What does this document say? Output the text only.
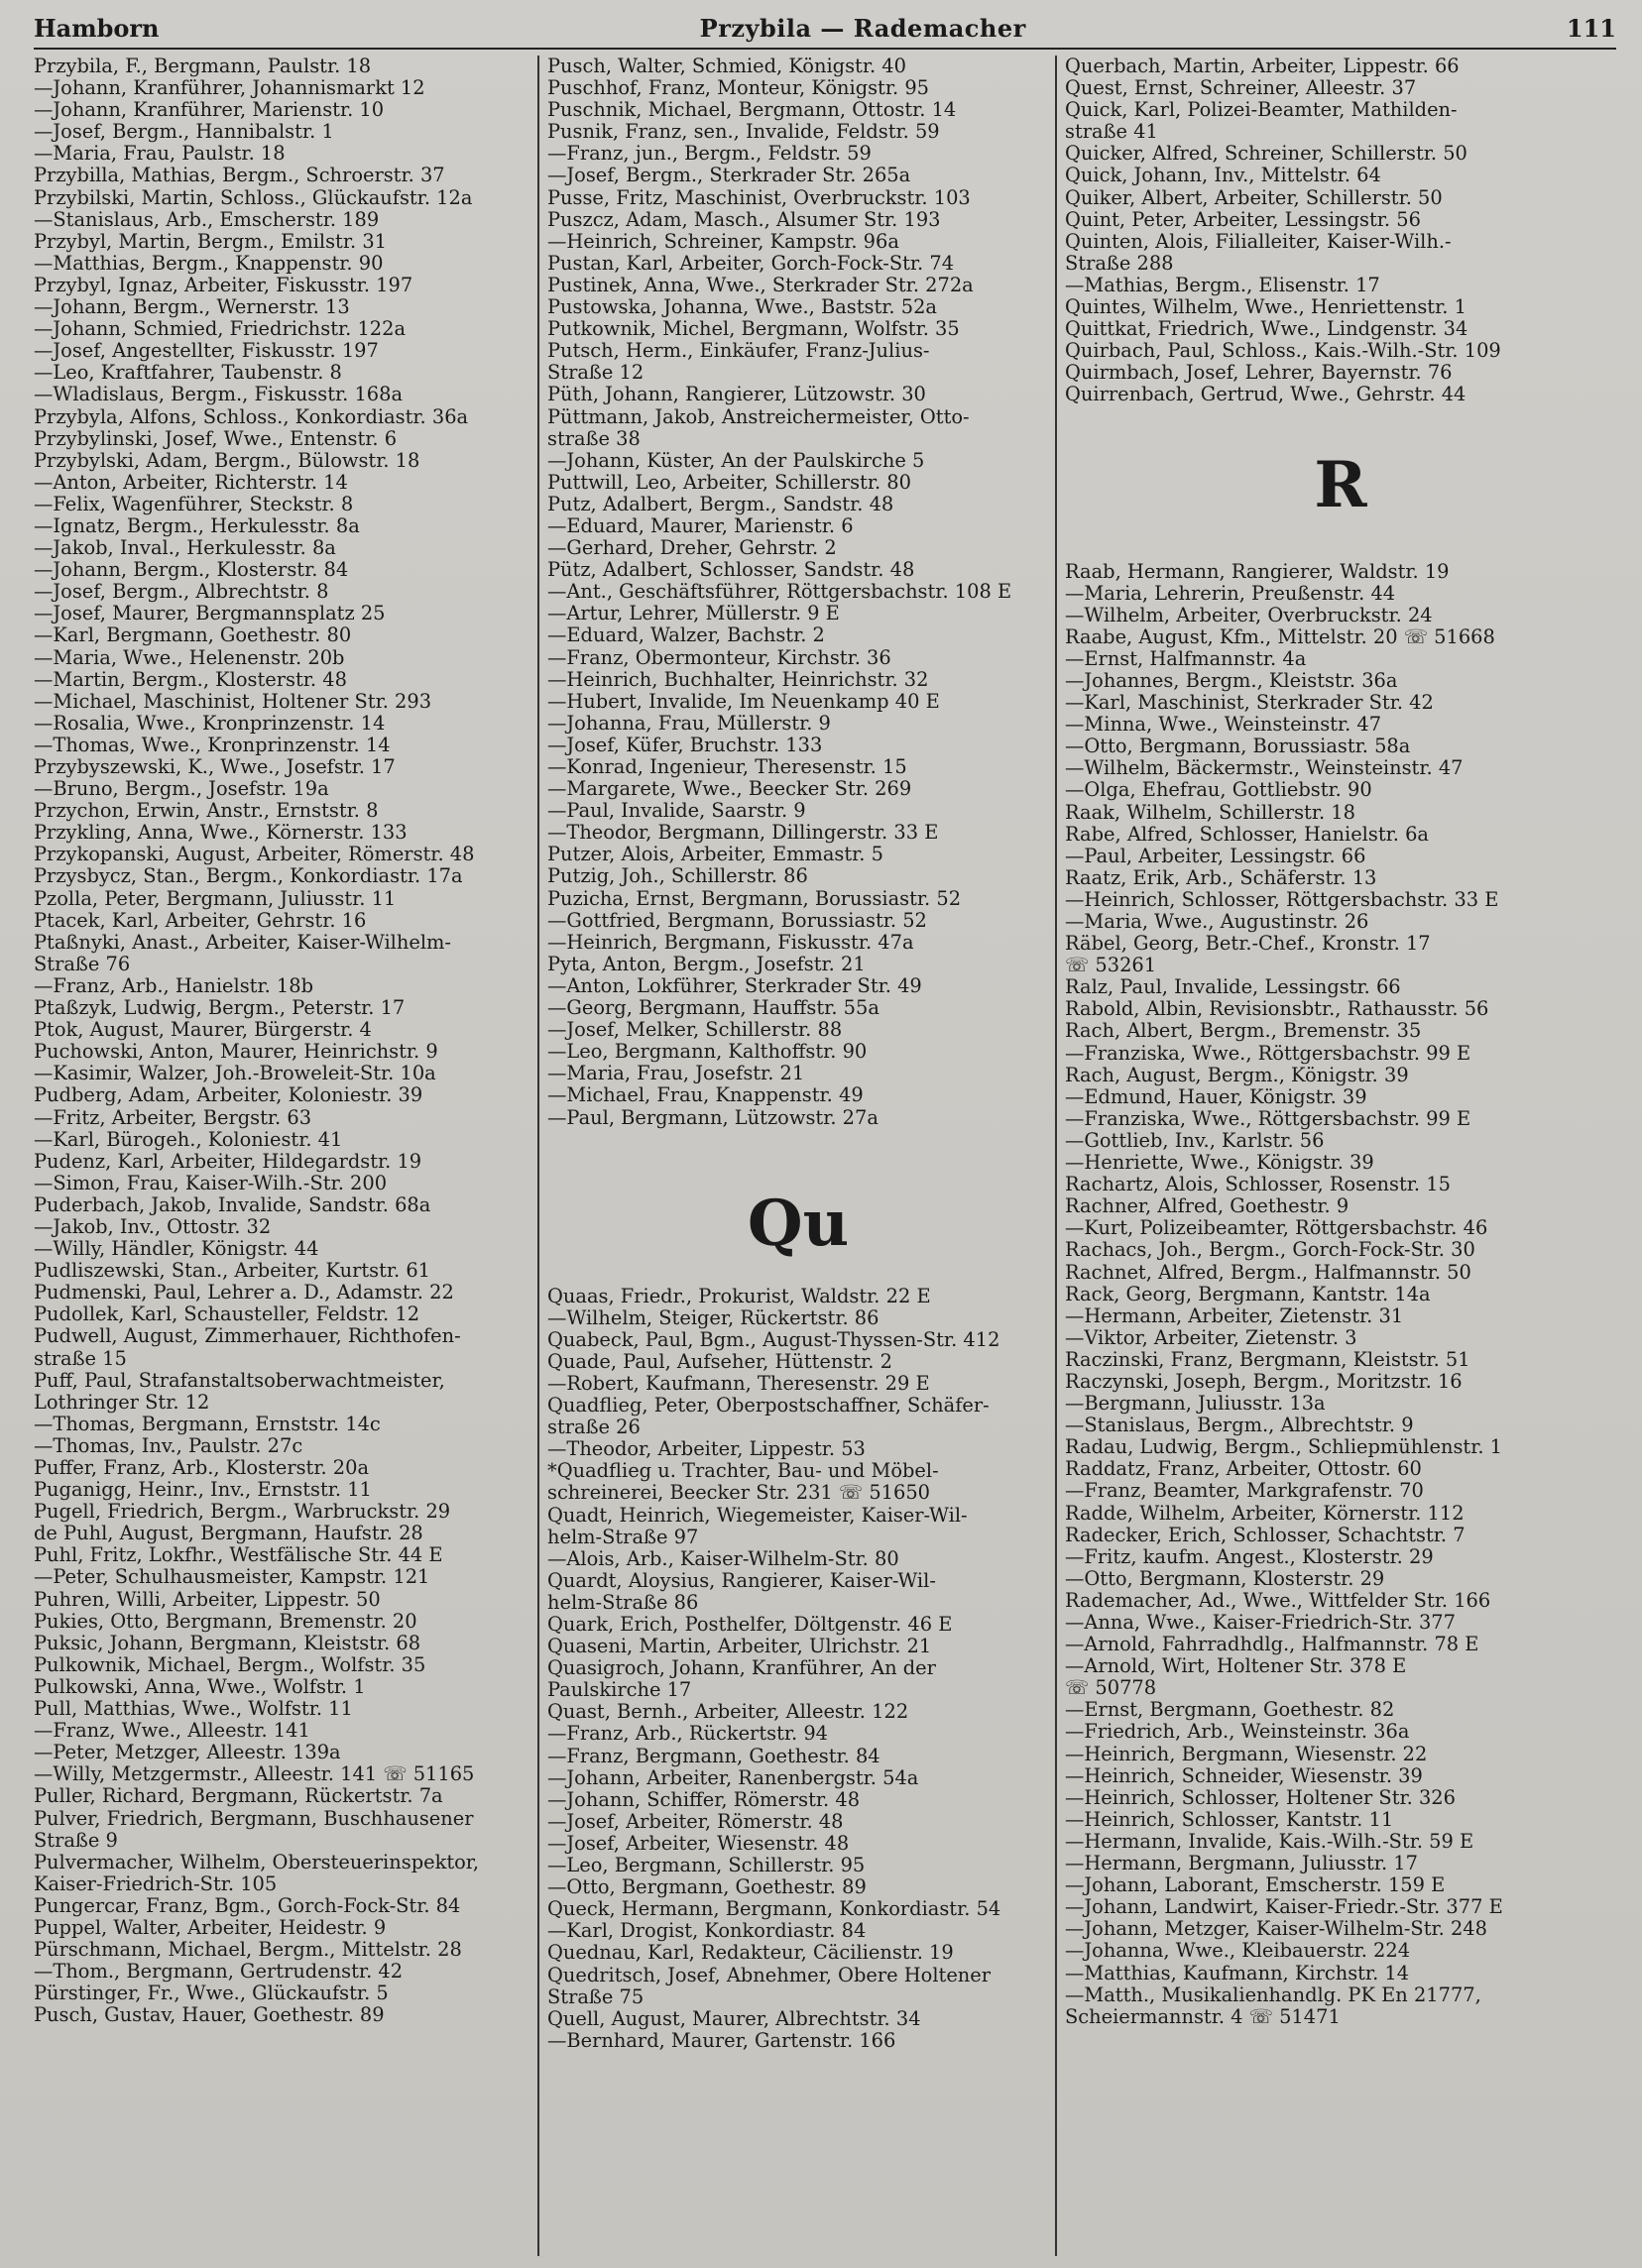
Hamborn	Przybila — Rademacher	111
Przybila, F., Bergmann, Paulstr. 18
—Johann, Kranführer, Johannismarkt 12
—Johann, Kranführer, Marienstr. 10
—Josef, Bergm., Hannibalstr. 1
—Maria, Frau, Paulstr. 18
Przybilla, Mathias, Bergm., Schroerstr. 37
Przybilski, Martin, Schloss., Glückaufstr. 12a
—Stanislaus, Arb., Emscherstr. 189
Przybyl, Martin, Bergm., Emilstr. 31
—Matthias, Bergm., Knappenstr. 90
Przybyl, Ignaz, Arbeiter, Fiskusstr. 197
—Johann, Bergm., Wernerstr. 13
—Johann, Schmied, Friedrichstr. 122a
—Josef, Angestellter, Fiskusstr. 197
—Leo, Kraftfahrer, Taubenstr. 8
—Wladislaus, Bergm., Fiskusstr. 168a
Przybyla, Alfons, Schloss., Konkordiastr. 36a
Przybylinski, Josef, Wwe., Entenstr. 6
Przybylski, Adam, Bergm., Bülowstr. 18
—Anton, Arbeiter, Richterstr. 14
—Felix, Wagenführer, Steckstr. 8
—Ignatz, Bergm., Herkulesstr. 8a
—Jakob, Inval., Herkulesstr. 8a
—Johann, Bergm., Klosterstr. 84
—Josef, Bergm., Albrechtstr. 8
—Josef, Maurer, Bergmannsplatz 25
—Karl, Bergmann, Goethestr. 80
—Maria, Wwe., Helenenstr. 20b
—Martin, Bergm., Klosterstr. 48
—Michael, Maschinist, Holtener Str. 293
—Rosalia, Wwe., Kronprinzenstr. 14
—Thomas, Wwe., Kronprinzenstr. 14
Przybyszewski, K., Wwe., Josefstr. 17
—Bruno, Bergm., Josefstr. 19a
Przychon, Erwin, Anstr., Ernststr. 8
Przykling, Anna, Wwe., Körnerstr. 133
Przykopanski, August, Arbeiter, Römerstr. 48
Przysbycz, Stan., Bergm., Konkordiastr. 17a
Pzolla, Peter, Bergmann, Juliusstr. 11
Ptacek, Karl, Arbeiter, Gehrstr. 16
Ptaßnyki, Anast., Arbeiter, Kaiser-Wilhelm-
Straße 76
—Franz, Arb., Hanielstr. 18b
Ptaßzyk, Ludwig, Bergm., Peterstr. 17
Ptok, August, Maurer, Bürgerstr. 4
Puchowski, Anton, Maurer, Heinrichstr. 9
—Kasimir, Walzer, Joh.-Broweleit-Str. 10a
Pudberg, Adam, Arbeiter, Koloniestr. 39
—Fritz, Arbeiter, Bergstr. 63
—Karl, Bürogeh., Koloniestr. 41
Pudenz, Karl, Arbeiter, Hildegardstr. 19
—Simon, Frau, Kaiser-Wilh.-Str. 200
Puderbach, Jakob, Invalide, Sandstr. 68a
—Jakob, Inv., Ottostr. 32
—Willy, Händler, Königstr. 44
Pudliszewski, Stan., Arbeiter, Kurtstr. 61
Pudmenski, Paul, Lehrer a. D., Adamstr. 22
Pudollek, Karl, Schausteller, Feldstr. 12
Pudwell, August, Zimmerhauer, Richthofen-
straße 15
Puff, Paul, Strafanstaltsoberwachtmeister,
Lothringer Str. 12
—Thomas, Bergmann, Ernststr. 14c
—Thomas, Inv., Paulstr. 27c
Puffer, Franz, Arb., Klosterstr. 20a
Puganigg, Heinr., Inv., Ernststr. 11
Pugell, Friedrich, Bergm., Warbruckstr. 29
de Puhl, August, Bergmann, Haufstr. 28
Puhl, Fritz, Lokfhr., Westfälische Str. 44 E
—Peter, Schulhausmeister, Kampstr. 121
Puhren, Willi, Arbeiter, Lippestr. 50
Pukies, Otto, Bergmann, Bremenstr. 20
Puksic, Johann, Bergmann, Kleiststr. 68
Pulkownik, Michael, Bergm., Wolfstr. 35
Pulkowski, Anna, Wwe., Wolfstr. 1
Pull, Matthias, Wwe., Wolfstr. 11
—Franz, Wwe., Alleestr. 141
—Peter, Metzger, Alleestr. 139a
—Willy, Metzgermstr., Alleestr. 141 ☏ 51165
Puller, Richard, Bergmann, Rückertstr. 7a
Pulver, Friedrich, Bergmann, Buschhausener
Straße 9
Pulvermacher, Wilhelm, Obersteuerinspektor,
Kaiser-Friedrich-Str. 105
Pungercar, Franz, Bgm., Gorch-Fock-Str. 84
Puppel, Walter, Arbeiter, Heidestr. 9
Pürschmann, Michael, Bergm., Mittelstr. 28
—Thom., Bergmann, Gertrudenstr. 42
Pürstinger, Fr., Wwe., Glückaufstr. 5
Pusch, Gustav, Hauer, Goethestr. 89
Pusch, Walter, Schmied, Königstr. 40
Puschhof, Franz, Monteur, Königstr. 95
Puschnik, Michael, Bergmann, Ottostr. 14
Pusnik, Franz, sen., Invalide, Feldstr. 59
—Franz, jun., Bergm., Feldstr. 59
—Josef, Bergm., Sterkrader Str. 265a
Pusse, Fritz, Maschinist, Overbruckstr. 103
Puszcz, Adam, Masch., Alsumer Str. 193
—Heinrich, Schreiner, Kampstr. 96a
Pustan, Karl, Arbeiter, Gorch-Fock-Str. 74
Pustinek, Anna, Wwe., Sterkrader Str. 272a
Pustowska, Johanna, Wwe., Baststr. 52a
Putkownik, Michel, Bergmann, Wolfstr. 35
Putsch, Herm., Einkäufer, Franz-Julius-
Straße 12
Püth, Johann, Rangierer, Lützowstr. 30
Püttmann, Jakob, Anstreichermeister, Otto-
straße 38
—Johann, Küster, An der Paulskirche 5
Puttwill, Leo, Arbeiter, Schillerstr. 80
Putz, Adalbert, Bergm., Sandstr. 48
—Eduard, Maurer, Marienstr. 6
—Gerhard, Dreher, Gehrstr. 2
Pütz, Adalbert, Schlosser, Sandstr. 48
—Ant., Geschäftsführer, Röttgersbachstr. 108 E
—Artur, Lehrer, Müllerstr. 9 E
—Eduard, Walzer, Bachstr. 2
—Franz, Obermonteur, Kirchstr. 36
—Heinrich, Buchhalter, Heinrichstr. 32
—Hubert, Invalide, Im Neuenkamp 40 E
—Johanna, Frau, Müllerstr. 9
—Josef, Küfer, Bruchstr. 133
—Konrad, Ingenieur, Theresenstr. 15
—Margarete, Wwe., Beecker Str. 269
—Paul, Invalide, Saarstr. 9
—Theodor, Bergmann, Dillingerstr. 33 E
Putzer, Alois, Arbeiter, Emmastr. 5
Putzig, Joh., Schillerstr. 86
Puzicha, Ernst, Bergmann, Borussiastr. 52
—Gottfried, Bergmann, Borussiastr. 52
—Heinrich, Bergmann, Fiskusstr. 47a
Pyta, Anton, Bergm., Josefstr. 21
—Anton, Lokführer, Sterkrader Str. 49
—Georg, Bergmann, Hauffstr. 55a
—Josef, Melker, Schillerstr. 88
—Leo, Bergmann, Kalthoffstr. 90
—Maria, Frau, Josefstr. 21
—Michael, Frau, Knappenstr. 49
—Paul, Bergmann, Lützowstr. 27a
Qu
Quaas, Friedr., Prokurist, Waldstr. 22 E
—Wilhelm, Steiger, Rückertstr. 86
Quabeck, Paul, Bgm., August-Thyssen-Str. 412
Quade, Paul, Aufseher, Hüttenstr. 2
—Robert, Kaufmann, Theresenstr. 29 E
Quadflieg, Peter, Oberpostschaffner, Schäfer-
straße 26
—Theodor, Arbeiter, Lippestr. 53
*Quadflieg u. Trachter, Bau- und Möbel-
schreinerei, Beecker Str. 231 ☏ 51650
Quadt, Heinrich, Wiegemeister, Kaiser-Wil-
helm-Straße 97
—Alois, Arb., Kaiser-Wilhelm-Str. 80
Quardt, Aloysius, Rangierer, Kaiser-Wil-
helm-Straße 86
Quark, Erich, Posthelfer, Döltgenstr. 46 E
Quaseni, Martin, Arbeiter, Ulrichstr. 21
Quasigroch, Johann, Kranführer, An der
Paulskirche 17
Quast, Bernh., Arbeiter, Alleestr. 122
—Franz, Arb., Rückertstr. 94
—Franz, Bergmann, Goethestr. 84
—Johann, Arbeiter, Ranenbergstr. 54a
—Johann, Schiffer, Römerstr. 48
—Josef, Arbeiter, Römerstr. 48
—Josef, Arbeiter, Wiesenstr. 48
—Leo, Bergmann, Schillerstr. 95
—Otto, Bergmann, Goethestr. 89
Queck, Hermann, Bergmann, Konkordiastr. 54
—Karl, Drogist, Konkordiastr. 84
Quednau, Karl, Redakteur, Cäcilienstr. 19
Quedritsch, Josef, Abnehmer, Obere Holtener
Straße 75
Quell, August, Maurer, Albrechtstr. 34
—Bernhard, Maurer, Gartenstr. 166
Querbach, Martin, Arbeiter, Lippestr. 66
Quest, Ernst, Schreiner, Alleestr. 37
Quick, Karl, Polizei-Beamter, Mathilden-
straße 41
Quicker, Alfred, Schreiner, Schillerstr. 50
Quick, Johann, Inv., Mittelstr. 64
Quiker, Albert, Arbeiter, Schillerstr. 50
Quint, Peter, Arbeiter, Lessingstr. 56
Quinten, Alois, Filialleiter, Kaiser-Wilh.-
Straße 288
—Mathias, Bergm., Elisenstr. 17
Quintes, Wilhelm, Wwe., Henriettenstr. 1
Quittkat, Friedrich, Wwe., Lindgenstr. 34
Quirbach, Paul, Schloss., Kais.-Wilh.-Str. 109
Quirmbach, Josef, Lehrer, Bayernstr. 76
Quirrenbach, Gertrud, Wwe., Gehrstr. 44
R
Raab, Hermann, Rangierer, Waldstr. 19
—Maria, Lehrerin, Preußenstr. 44
—Wilhelm, Arbeiter, Overbruckstr. 24
Raabe, August, Kfm., Mittelstr. 20 ☏ 51668
—Ernst, Halfmannstr. 4a
—Johannes, Bergm., Kleiststr. 36a
—Karl, Maschinist, Sterkrader Str. 42
—Minna, Wwe., Weinsteinstr. 47
—Otto, Bergmann, Borussiastr. 58a
—Wilhelm, Bäckermstr., Weinsteinstr. 47
—Olga, Ehefrau, Gottliebstr. 90
Raak, Wilhelm, Schillerstr. 18
Rabe, Alfred, Schlosser, Hanielstr. 6a
—Paul, Arbeiter, Lessingstr. 66
Raatz, Erik, Arb., Schäferstr. 13
—Heinrich, Schlosser, Röttgersbachstr. 33 E
—Maria, Wwe., Augustinstr. 26
Räbel, Georg, Betr.-Chef., Kronstr. 17
☏ 53261
Ralz, Paul, Invalide, Lessingstr. 66
Rabold, Albin, Revisionsbtr., Rathausstr. 56
Rach, Albert, Bergm., Bremenstr. 35
—Franziska, Wwe., Röttgersbachstr. 99 E
Rach, August, Bergm., Königstr. 39
—Edmund, Hauer, Königstr. 39
—Franziska, Wwe., Röttgersbachstr. 99 E
—Gottlieb, Inv., Karlstr. 56
—Henriette, Wwe., Königstr. 39
Rachartz, Alois, Schlosser, Rosenstr. 15
Rachner, Alfred, Goethestr. 9
—Kurt, Polizeibeamter, Röttgersbachstr. 46
Rachacs, Joh., Bergm., Gorch-Fock-Str. 30
Rachnet, Alfred, Bergm., Halfmannstr. 50
Rack, Georg, Bergmann, Kantstr. 14a
—Hermann, Arbeiter, Zietenstr. 31
—Viktor, Arbeiter, Zietenstr. 3
Raczinski, Franz, Bergmann, Kleiststr. 51
Raczynski, Joseph, Bergm., Moritzstr. 16
—Bergmann, Juliusstr. 13a
—Stanislaus, Bergm., Albrechtstr. 9
Radau, Ludwig, Bergm., Schliepmühlenstr. 1
Raddatz, Franz, Arbeiter, Ottostr. 60
—Franz, Beamter, Markgrafenstr. 70
Radde, Wilhelm, Arbeiter, Körnerstr. 112
Radecker, Erich, Schlosser, Schachtstr. 7
—Fritz, kaufm. Angest., Klosterstr. 29
—Otto, Bergmann, Klosterstr. 29
Rademacher, Ad., Wwe., Wittfelder Str. 166
—Anna, Wwe., Kaiser-Friedrich-Str. 377
—Arnold, Fahrradhdlg., Halfmannstr. 78 E
—Arnold, Wirt, Holtener Str. 378 E
☏ 50778
—Ernst, Bergmann, Goethestr. 82
—Friedrich, Arb., Weinsteinstr. 36a
—Heinrich, Bergmann, Wiesenstr. 22
—Heinrich, Schneider, Wiesenstr. 39
—Heinrich, Schlosser, Holtener Str. 326
—Heinrich, Schlosser, Kantstr. 11
—Hermann, Invalide, Kais.-Wilh.-Str. 59 E
—Hermann, Bergmann, Juliusstr. 17
—Johann, Laborant, Emscherstr. 159 E
—Johann, Landwirt, Kaiser-Friedr.-Str. 377 E
—Johann, Metzger, Kaiser-Wilhelm-Str. 248
—Johanna, Wwe., Kleibauerstr. 224
—Matthias, Kaufmann, Kirchstr. 14
—Matth., Musikalienhandlg. PK En 21777,
Scheiermannstr. 4 ☏ 51471
